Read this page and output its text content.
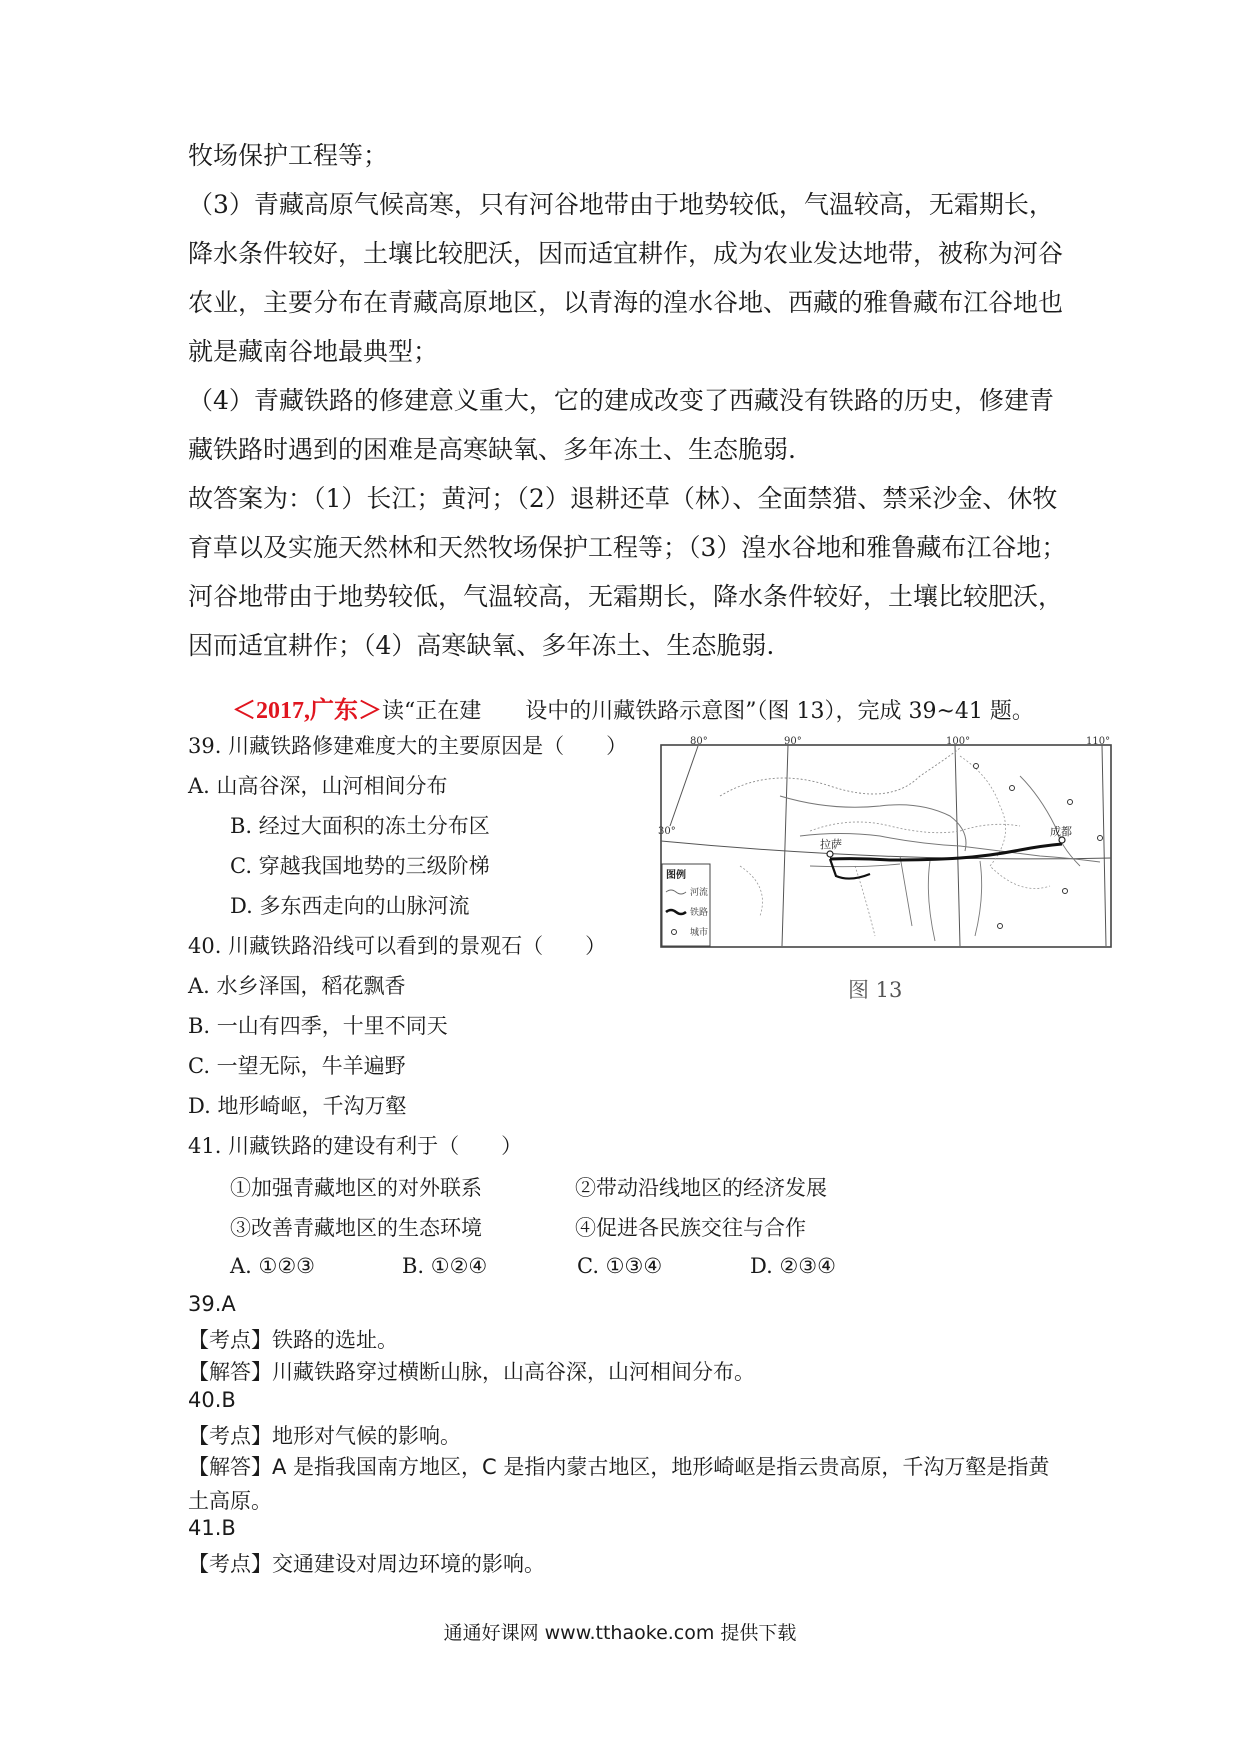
牧场保护工程等；
（3）青藏高原气候高寒，只有河谷地带由于地势较低，气温较高，无霜期长，
降水条件较好，土壤比较肥沃，因而适宜耕作，成为农业发达地带，被称为河谷
农业，主要分布在青藏高原地区，以青海的湟水谷地、西藏的雅鲁藏布江谷地也
就是藏南谷地最典型；
（4）青藏铁路的修建意义重大，它的建成改变了西藏没有铁路的历史，修建青
藏铁路时遇到的困难是高寒缺氧、多年冻土、生态脆弱.
故答案为：（1）长江；黄河；（2）退耕还草（林）、全面禁猎、禁采沙金、休牧
育草以及实施天然林和天然牧场保护工程等；（3）湟水谷地和雅鲁藏布江谷地；
河谷地带由于地势较低，气温较高，无霜期长，降水条件较好，土壤比较肥沃，
因而适宜耕作；（4）高寒缺氧、多年冻土、生态脆弱.
＜2017,广东＞读“正在建　　设中的川藏铁路示意图”（图 13），完成 39~41 题。
39. 川藏铁路修建难度大的主要原因是（　　）
A. 山高谷深，山河相间分布
B. 经过大面积的冻土分布区
C. 穿越我国地势的三级阶梯
D. 多东西走向的山脉河流
40. 川藏铁路沿线可以看到的景观石（　　）
A. 水乡泽国，稻花飘香
B. 一山有四季，十里不同天
C. 一望无际，牛羊遍野
D. 地形崎岖，千沟万壑
41. 川藏铁路的建设有利于（　　）
①加强青藏地区的对外联系	②带动沿线地区的经济发展
③改善青藏地区的生态环境	④促进各民族交往与合作
A. ①②③	B. ①②④	C. ①③④	D. ②③④
拉萨
成都
80°	90°	100°	110°
30°
图例
河流
铁路
城市
图 13
39.A
【考点】铁路的选址。
【解答】川藏铁路穿过横断山脉，山高谷深，山河相间分布。
40.B
【考点】地形对气候的影响。
【解答】A 是指我国南方地区，C 是指内蒙古地区，地形崎岖是指云贵高原，千沟万壑是指黄土高原。
41.B
【考点】交通建设对周边环境的影响。
通通好课网 www.tthaoke.com 提供下载
